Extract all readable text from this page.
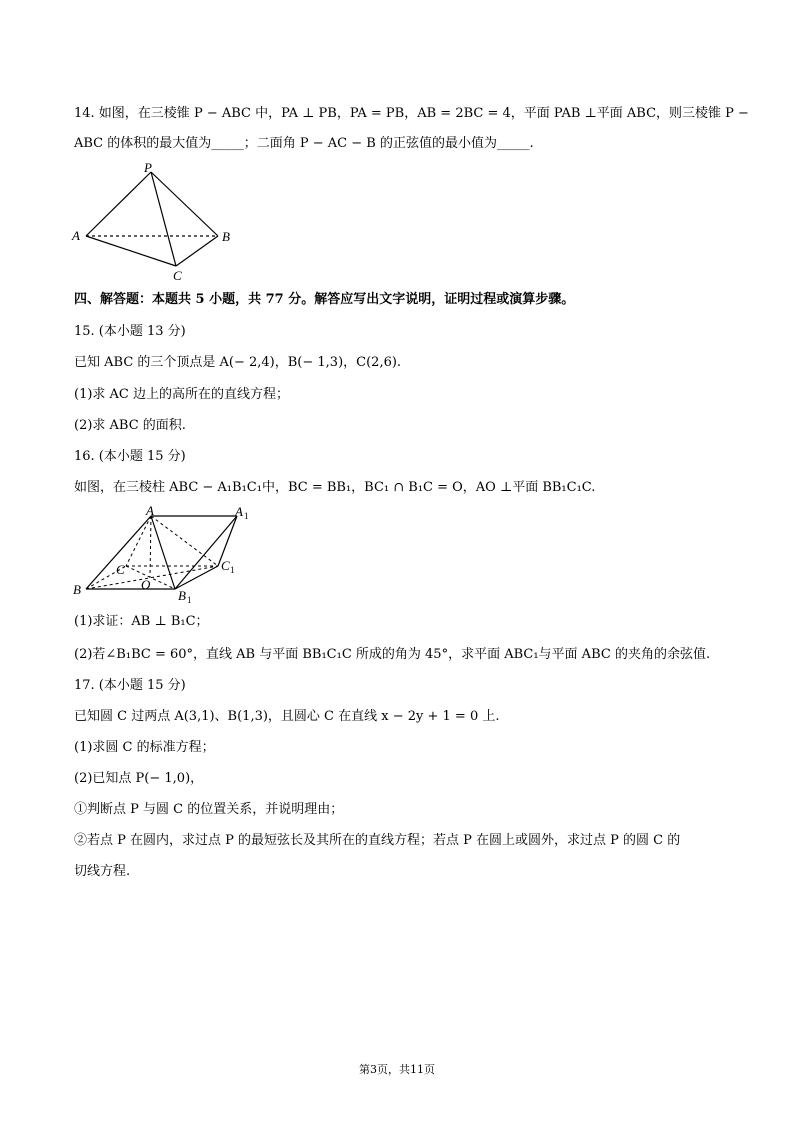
14. 如图，在三棱锥 P − ABC 中，PA ⊥ PB，PA = PB，AB = 2BC = 4，平面 PAB ⊥平面 ABC，则三棱锥 P −
ABC 的体积的最大值为_____；二面角 P − AC − B 的正弦值的最小值为_____.
P
A	B
C
四、解答题：本题共 5 小题，共 77 分。解答应写出文字说明，证明过程或演算步骤。
15. (本小题 13 分)
已知 ABC 的三个顶点是 A(− 2,4)，B(− 1,3)，C(2,6).
(1)求 AC 边上的高所在的直线方程；
(2)求 ABC 的面积.
16. (本小题 15 分)
如图，在三棱柱 ABC − A₁B₁C₁中，BC = BB₁，BC₁ ∩ B₁C = O，AO ⊥平面 BB₁C₁C.
A	A 1
B	B 1
C	C 1
O
(1)求证：AB ⊥ B₁C；
(2)若∠B₁BC = 60°，直线 AB 与平面 BB₁C₁C 所成的角为 45°，求平面 ABC₁与平面 ABC 的夹角的余弦值.
17. (本小题 15 分)
已知圆 C 过两点 A(3,1)、B(1,3)，且圆心 C 在直线 x − 2y + 1 = 0 上.
(1)求圆 C 的标准方程；
(2)已知点 P(− 1,0)，
①判断点 P 与圆 C 的位置关系，并说明理由；
②若点 P 在圆内，求过点 P 的最短弦长及其所在的直线方程；若点 P 在圆上或圆外，求过点 P 的圆 C 的
切线方程.
第3页，共11页
